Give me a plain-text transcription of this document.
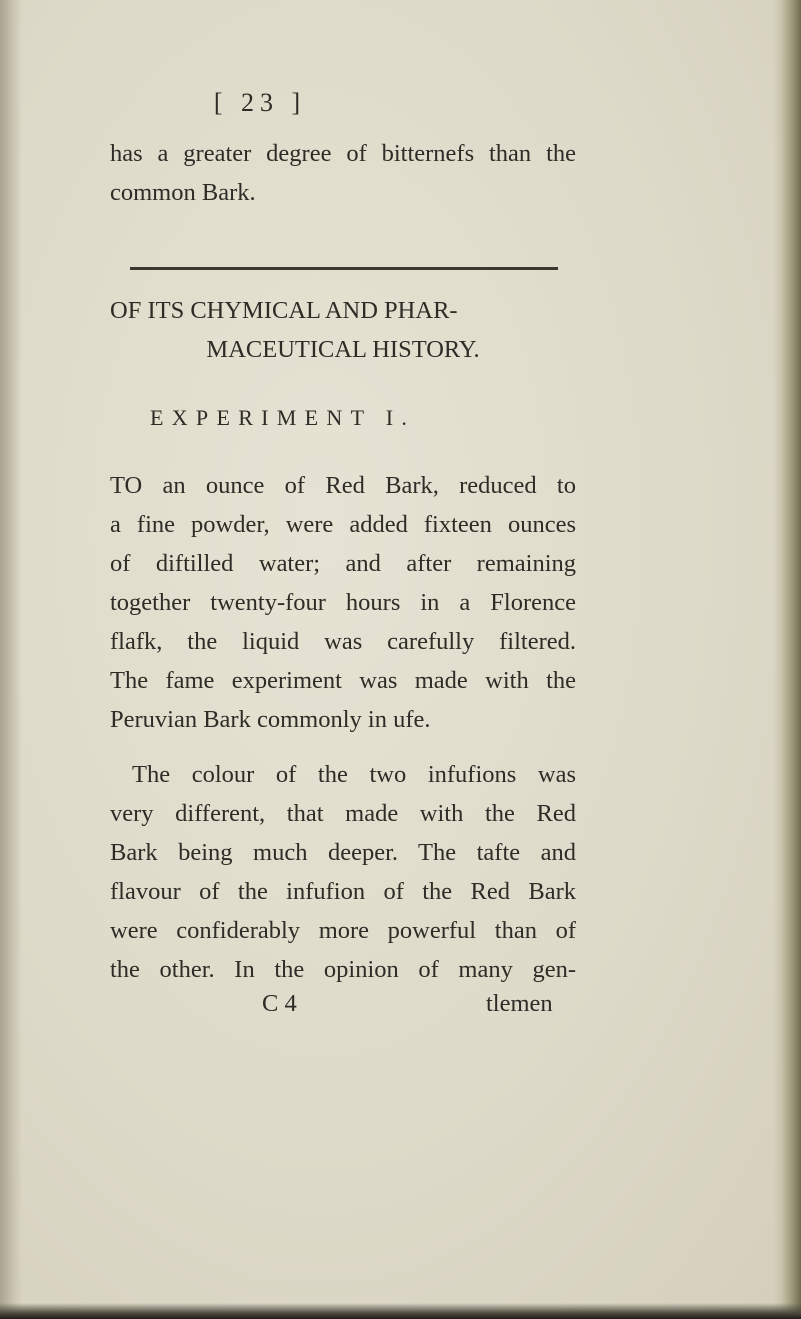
[ 23 ]

has a greater degree of bitternefs than the

common Bark.

OF ITS CHYMICAL AND PHAR-

MACEUTICAL HISTORY.

EXPERIMENT I.

TO an ounce of Red Bark, reduced to

a fine powder, were added fixteen ounces

of diftilled water; and after remaining

together twenty-four hours in a Florence

flafk, the liquid was carefully filtered.

The fame experiment was made with the

Peruvian Bark commonly in ufe.

The colour of the two infufions was

very different, that made with the Red

Bark being much deeper. The tafte and

flavour of the infufion of the Red Bark

were confiderably more powerful than of

the other. In the opinion of many gen-

C 4	tlemen
